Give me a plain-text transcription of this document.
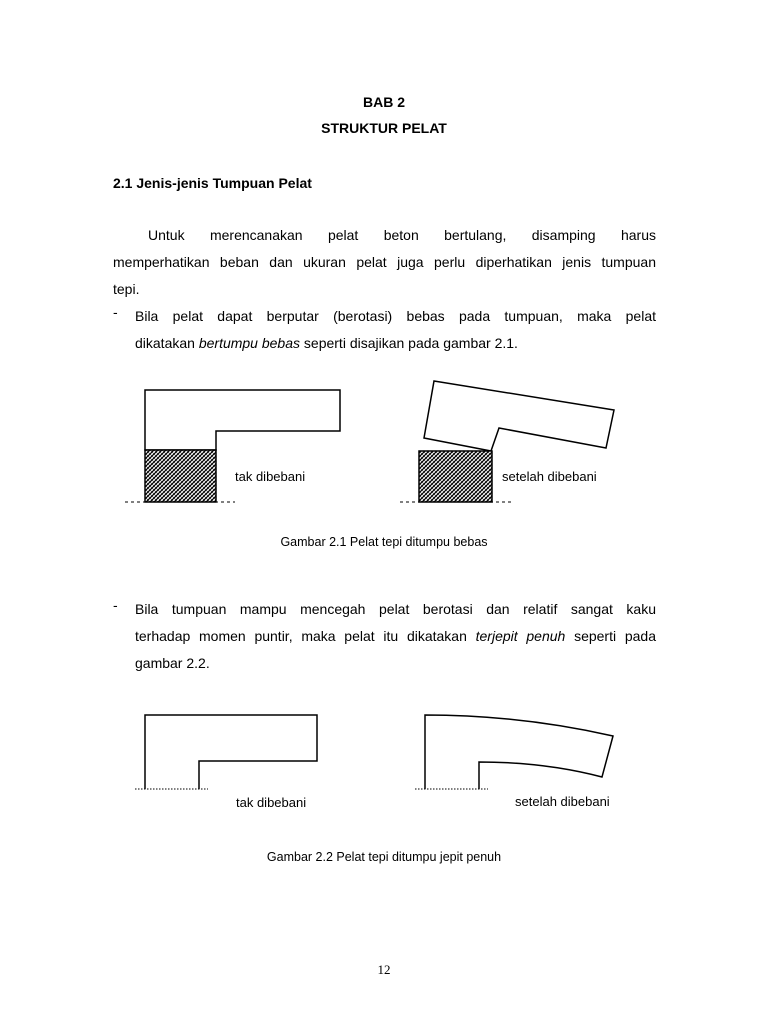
BAB 2
STRUKTUR PELAT
2.1 Jenis-jenis Tumpuan Pelat
Untuk merencanakan pelat beton bertulang, disamping harus
memperhatikan beban dan ukuran pelat juga perlu diperhatikan jenis tumpuan
tepi.
- Bila pelat dapat berputar (berotasi) bebas pada tumpuan, maka pelat
dikatakan bertumpu bebas seperti disajikan pada gambar 2.1.
tak dibebani	setelah dibebani
Gambar 2.1 Pelat tepi ditumpu bebas
- Bila tumpuan mampu mencegah pelat berotasi dan relatif sangat kaku
terhadap momen puntir, maka pelat itu dikatakan terjepit penuh seperti pada
gambar 2.2.
tak dibebani	setelah dibebani
Gambar 2.2 Pelat tepi ditumpu jepit penuh
12
